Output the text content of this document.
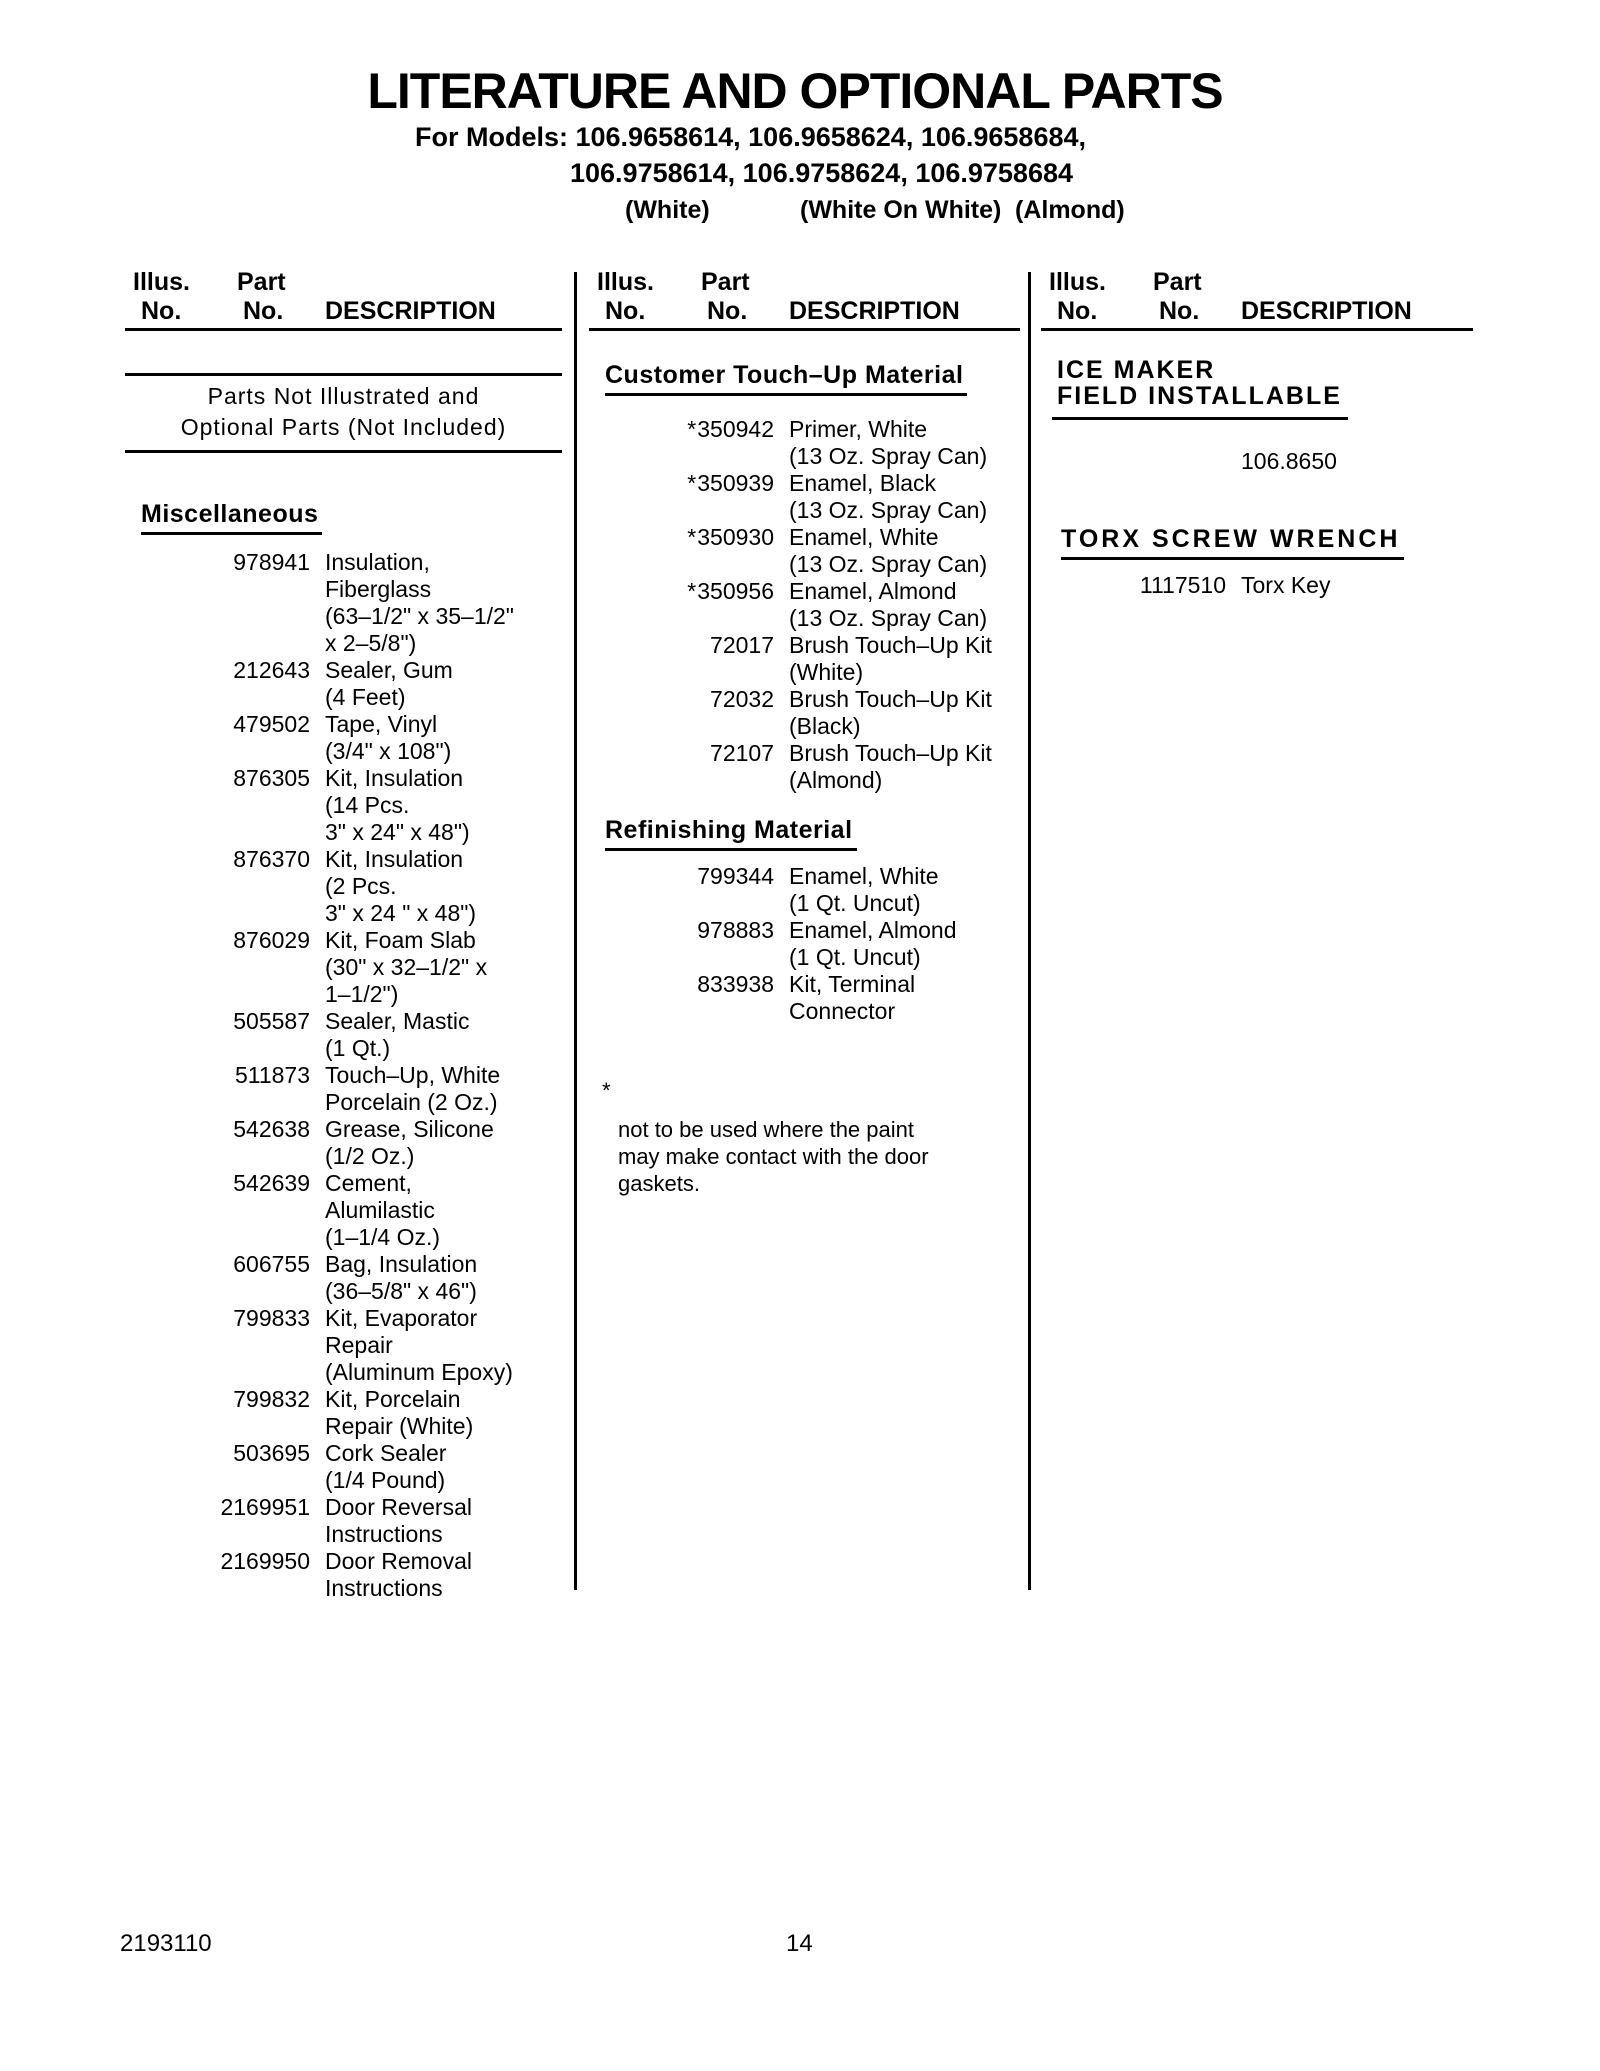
LITERATURE AND OPTIONAL PARTS
For Models: 106.9658614, 106.9658624, 106.9658684,
106.9758614, 106.9758624, 106.9758684
(White)	(White On White) (Almond)
Illus.	Part
No.	No.	DESCRIPTION
Parts Not Illustrated and
Optional Parts (Not Included)
Miscellaneous
978941 Insulation,
Fiberglass
(63–1/2" x 35–1/2"
x 2–5/8")
212643 Sealer, Gum
(4 Feet)
479502 Tape, Vinyl
(3/4" x 108")
876305 Kit, Insulation
(14 Pcs.
3" x 24" x 48")
876370 Kit, Insulation
(2 Pcs.
3" x 24 " x 48")
876029 Kit, Foam Slab
(30" x 32–1/2" x
1–1/2")
505587 Sealer, Mastic
(1 Qt.)
511873 Touch–Up, White
Porcelain (2 Oz.)
542638 Grease, Silicone
(1/2 Oz.)
542639 Cement,
Alumilastic
(1–1/4 Oz.)
606755 Bag, Insulation
(36–5/8" x 46")
799833 Kit, Evaporator
Repair
(Aluminum Epoxy)
799832 Kit, Porcelain
Repair (White)
503695 Cork Sealer
(1/4 Pound)
2169951 Door Reversal
Instructions
2169950 Door Removal
Instructions
Illus.	Part
No.	No.	DESCRIPTION
Customer Touch–Up Material
*350942 Primer, White
(13 Oz. Spray Can)
*350939 Enamel, Black
(13 Oz. Spray Can)
*350930 Enamel, White
(13 Oz. Spray Can)
*350956 Enamel, Almond
(13 Oz. Spray Can)
72017 Brush Touch–Up Kit
(White)
72032 Brush Touch–Up Kit
(Black)
72107 Brush Touch–Up Kit
(Almond)
Refinishing Material
799344 Enamel, White
(1 Qt. Uncut)
978883 Enamel, Almond
(1 Qt. Uncut)
833938 Kit, Terminal
Connector
*
not to be used where the paint
may make contact with the door
gaskets.
Illus.	Part
No.	No.	DESCRIPTION
ICE MAKER
FIELD INSTALLABLE
106.8650
TORX SCREW WRENCH
1117510 Torx Key
2193110	14
